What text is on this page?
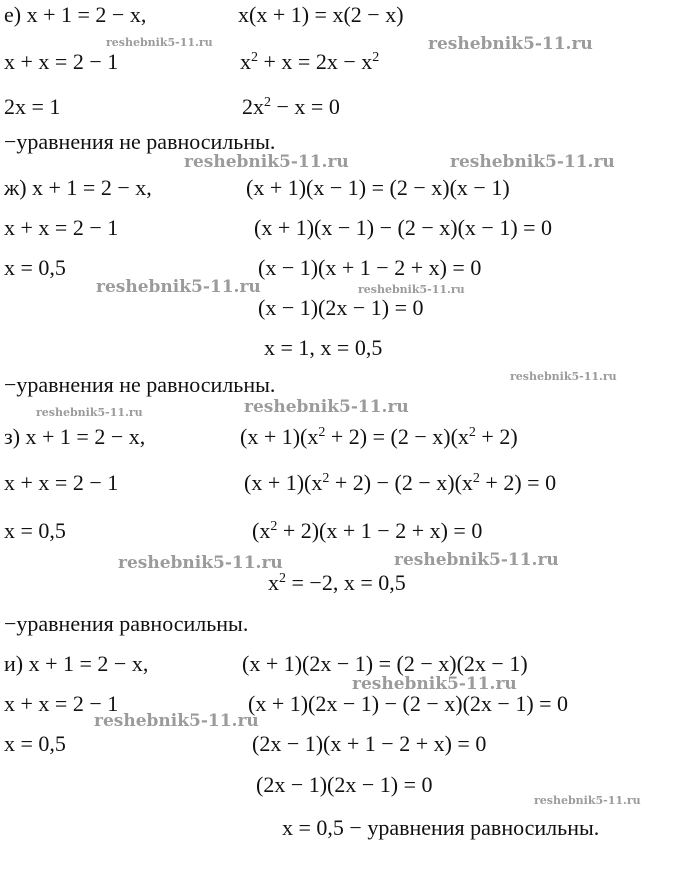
е) x + 1 = 2 − x,	x(x + 1) = x(2 − x)
x + x = 2 − 1	$x^2 + x = 2x - x^2$
2x = 1	$2x^2 - x = 0$
−уравнения не равносильны.
ж) x + 1 = 2 − x,	(x + 1)(x − 1) = (2 − x)(x − 1)
x + x = 2 − 1	(x + 1)(x − 1) − (2 − x)(x − 1) = 0
x = 0,5	(x − 1)(x + 1 − 2 + x) = 0
(x − 1)(2x − 1) = 0
x = 1, x = 0,5
−уравнения не равносильны.
з) x + 1 = 2 − x,	$(x + 1)(x^2 + 2) = (2 - x)(x^2 + 2)$
x + x = 2 − 1	$(x + 1)(x^2 + 2) - (2 - x)(x^2 + 2) = 0$
x = 0,5	$(x^2 + 2)(x + 1 - 2 + x) = 0$
$x^2 = -2$, x = 0,5
−уравнения равносильны.
и) x + 1 = 2 − x,	(x + 1)(2x − 1) = (2 − x)(2x − 1)
x + x = 2 − 1	(x + 1)(2x − 1) − (2 − x)(2x − 1) = 0
x = 0,5	(2x − 1)(x + 1 − 2 + x) = 0
(2x − 1)(2x − 1) = 0
x = 0,5 − уравнения равносильны.
reshebnik5-11.ru	reshebnik5-11.ru
reshebnik5-11.ru	reshebnik5-11.ru
reshebnik5-11.ru	reshebnik5-11.ru
reshebnik5-11.ru
reshebnik5-11.ru	reshebnik5-11.ru
reshebnik5-11.ru	reshebnik5-11.ru
reshebnik5-11.ru
reshebnik5-11.ru
reshebnik5-11.ru
